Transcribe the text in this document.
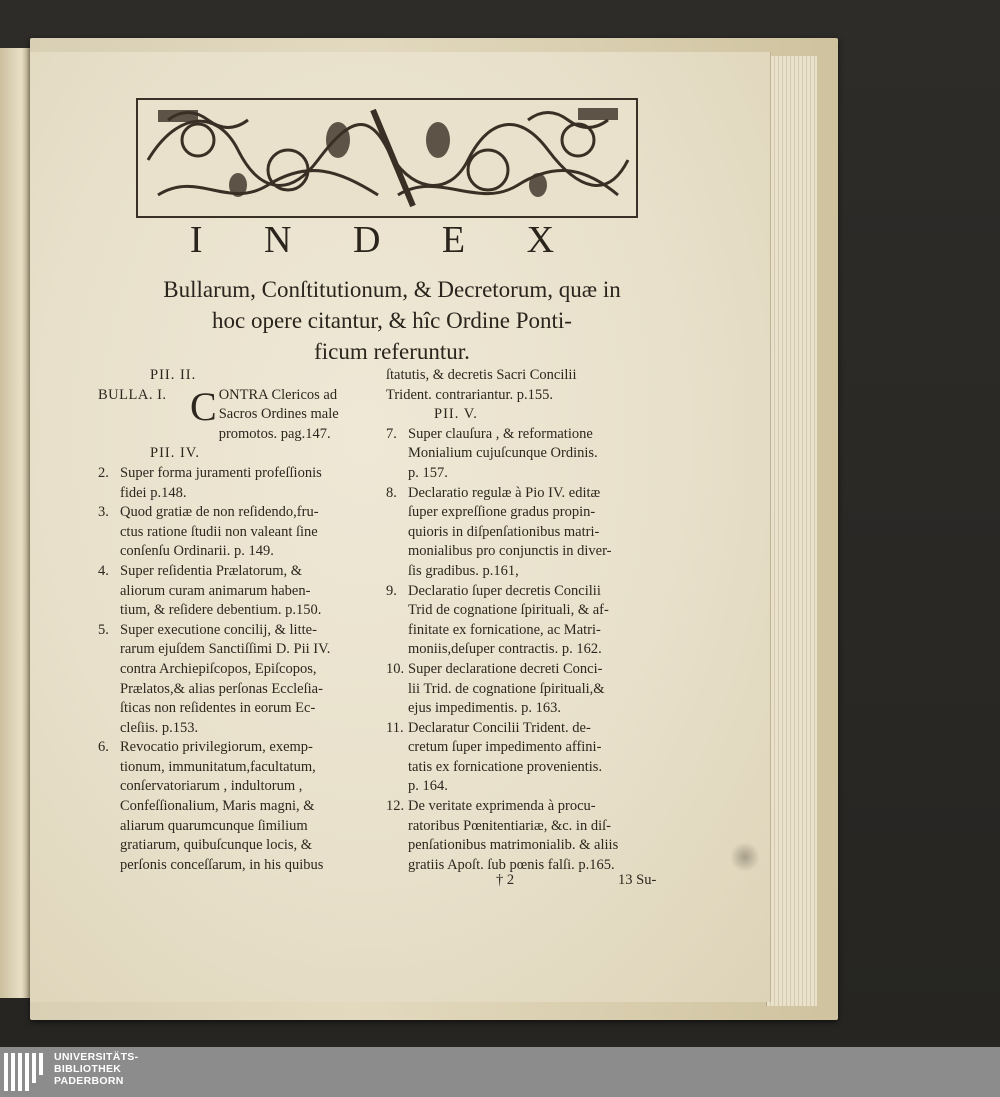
I N D E X
Bullarum, Conſtitutionum, & Decretorum, quæ in
hoc opere citantur, & hîc Ordine Ponti-
ficum referuntur.
PII. II.
BULLA. I. C ONTRA Clericos ad
Sacros Ordines male
promotos. pag.147.
PII. IV.
2. Super forma juramenti profeſſionis
fidei p.148.
3. Quod gratiæ de non reſidendo,fru-
ctus ratione ſtudii non valeant ſine
conſenſu Ordinarii. p. 149.
4. Super reſidentia Prælatorum, &
aliorum curam animarum haben-
tium, & reſidere debentium. p.150.
5. Super executione concilij, & litte-
rarum ejuſdem Sanctiſſimi D. Pii IV.
contra Archiepiſcopos, Epiſcopos,
Prælatos,& alias perſonas Eccleſia-
ſticas non reſidentes in eorum Ec-
cleſiis. p.153.
6. Revocatio privilegiorum, exemp-
tionum, immunitatum,facultatum,
conſervatoriarum , indultorum ,
Confeſſionalium, Maris magni, &
aliarum quarumcunque ſimilium
gratiarum, quibuſcunque locis, &
perſonis conceſſarum, in his quibus
ſtatutis, & decretis Sacri Concilii
Trident. contrariantur. p.155.
PII. V.
7. Super clauſura , & reformatione
Monialium cujuſcunque Ordinis.
p. 157.
8. Declaratio regulæ à Pio IV. editæ
ſuper expreſſione gradus propin-
quioris in diſpenſationibus matri-
monialibus pro conjunctis in diver-
ſis gradibus. p.161,
9. Declaratio ſuper decretis Concilii
Trid de cognatione ſpirituali, & af-
finitate ex fornicatione, ac Matri-
moniis,deſuper contractis. p. 162.
10. Super declaratione decreti Conci-
lii Trid. de cognatione ſpirituali,&
ejus impedimentis. p. 163.
11. Declaratur Concilii Trident. de-
cretum ſuper impedimento affini-
tatis ex fornicatione provenientis.
p. 164.
12. De veritate exprimenda à procu-
ratoribus Pœnitentiariæ, &c. in diſ-
penſationibus matrimonialib. & aliis
gratiis Apoſt. ſub pœnis falſi. p.165.
† 2	13 Su-
UNIVERSITÄTS-
BIBLIOTHEK
PADERBORN
